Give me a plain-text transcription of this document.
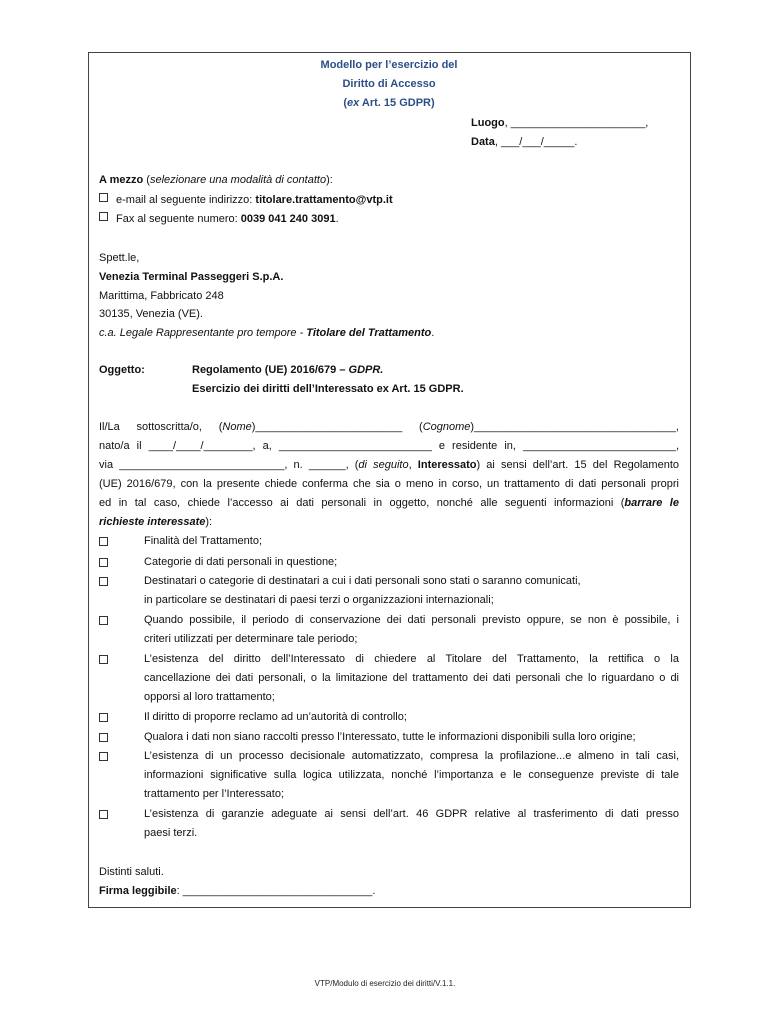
Modello per l’esercizio del
Diritto di Accesso
(ex Art. 15 GDPR)
Luogo, ______________________,
Data, ___/___/_____.
A mezzo (selezionare una modalità di contatto):
e-mail al seguente indirizzo: titolare.trattamento@vtp.it
Fax al seguente numero: 0039 041 240 3091.
Spett.le,
Venezia Terminal Passeggeri S.p.A.
Marittima, Fabbricato 248
30135, Venezia (VE).
c.a. Legale Rappresentante pro tempore - Titolare del Trattamento.
Oggetto:	Regolamento (UE) 2016/679 – GDPR.
Esercizio dei diritti dell’Interessato ex Art. 15 GDPR.
Il/La sottoscritta/o, (Nome)________________________ (Cognome)_________________________________,
nato/a il ____/____/________, a, _________________________ e residente in, _________________________,
via ___________________________, n. ______, (di seguito, Interessato) ai sensi dell’art. 15 del Regolamento
(UE) 2016/679, con la presente chiede conferma che sia o meno in corso, un trattamento di dati personali propri
ed in tal caso, chiede l’accesso ai dati personali in oggetto, nonché alle seguenti informazioni (barrare le
richieste interessate):
Finalità del Trattamento;
Categorie di dati personali in questione;
Destinatari o categorie di destinatari a cui i dati personali sono stati o saranno comunicati,
in particolare se destinatari di paesi terzi o organizzazioni internazionali;
Quando possibile, il periodo di conservazione dei dati personali previsto oppure, se non è possibile, i
criteri utilizzati per determinare tale periodo;
L’esistenza del diritto dell’Interessato di chiedere al Titolare del Trattamento, la rettifica o la
cancellazione dei dati personali, o la limitazione del trattamento dei dati personali che lo riguardano o di
opporsi al loro trattamento;
Il diritto di proporre reclamo ad un’autorità di controllo;
Qualora i dati non siano raccolti presso l’Interessato, tutte le informazioni disponibili sulla loro origine;
L’esistenza di un processo decisionale automatizzato, compresa la profilazione...e almeno in tali casi,
informazioni significative sulla logica utilizzata, nonché l’importanza e le conseguenze previste di tale
trattamento per l’Interessato;
L’esistenza di garanzie adeguate ai sensi dell’art. 46 GDPR relative al trasferimento di dati presso
paesi terzi.
Distinti saluti.
Firma leggibile: _______________________________.
VTP/Modulo di esercizio dei diritti/V.1.1.
